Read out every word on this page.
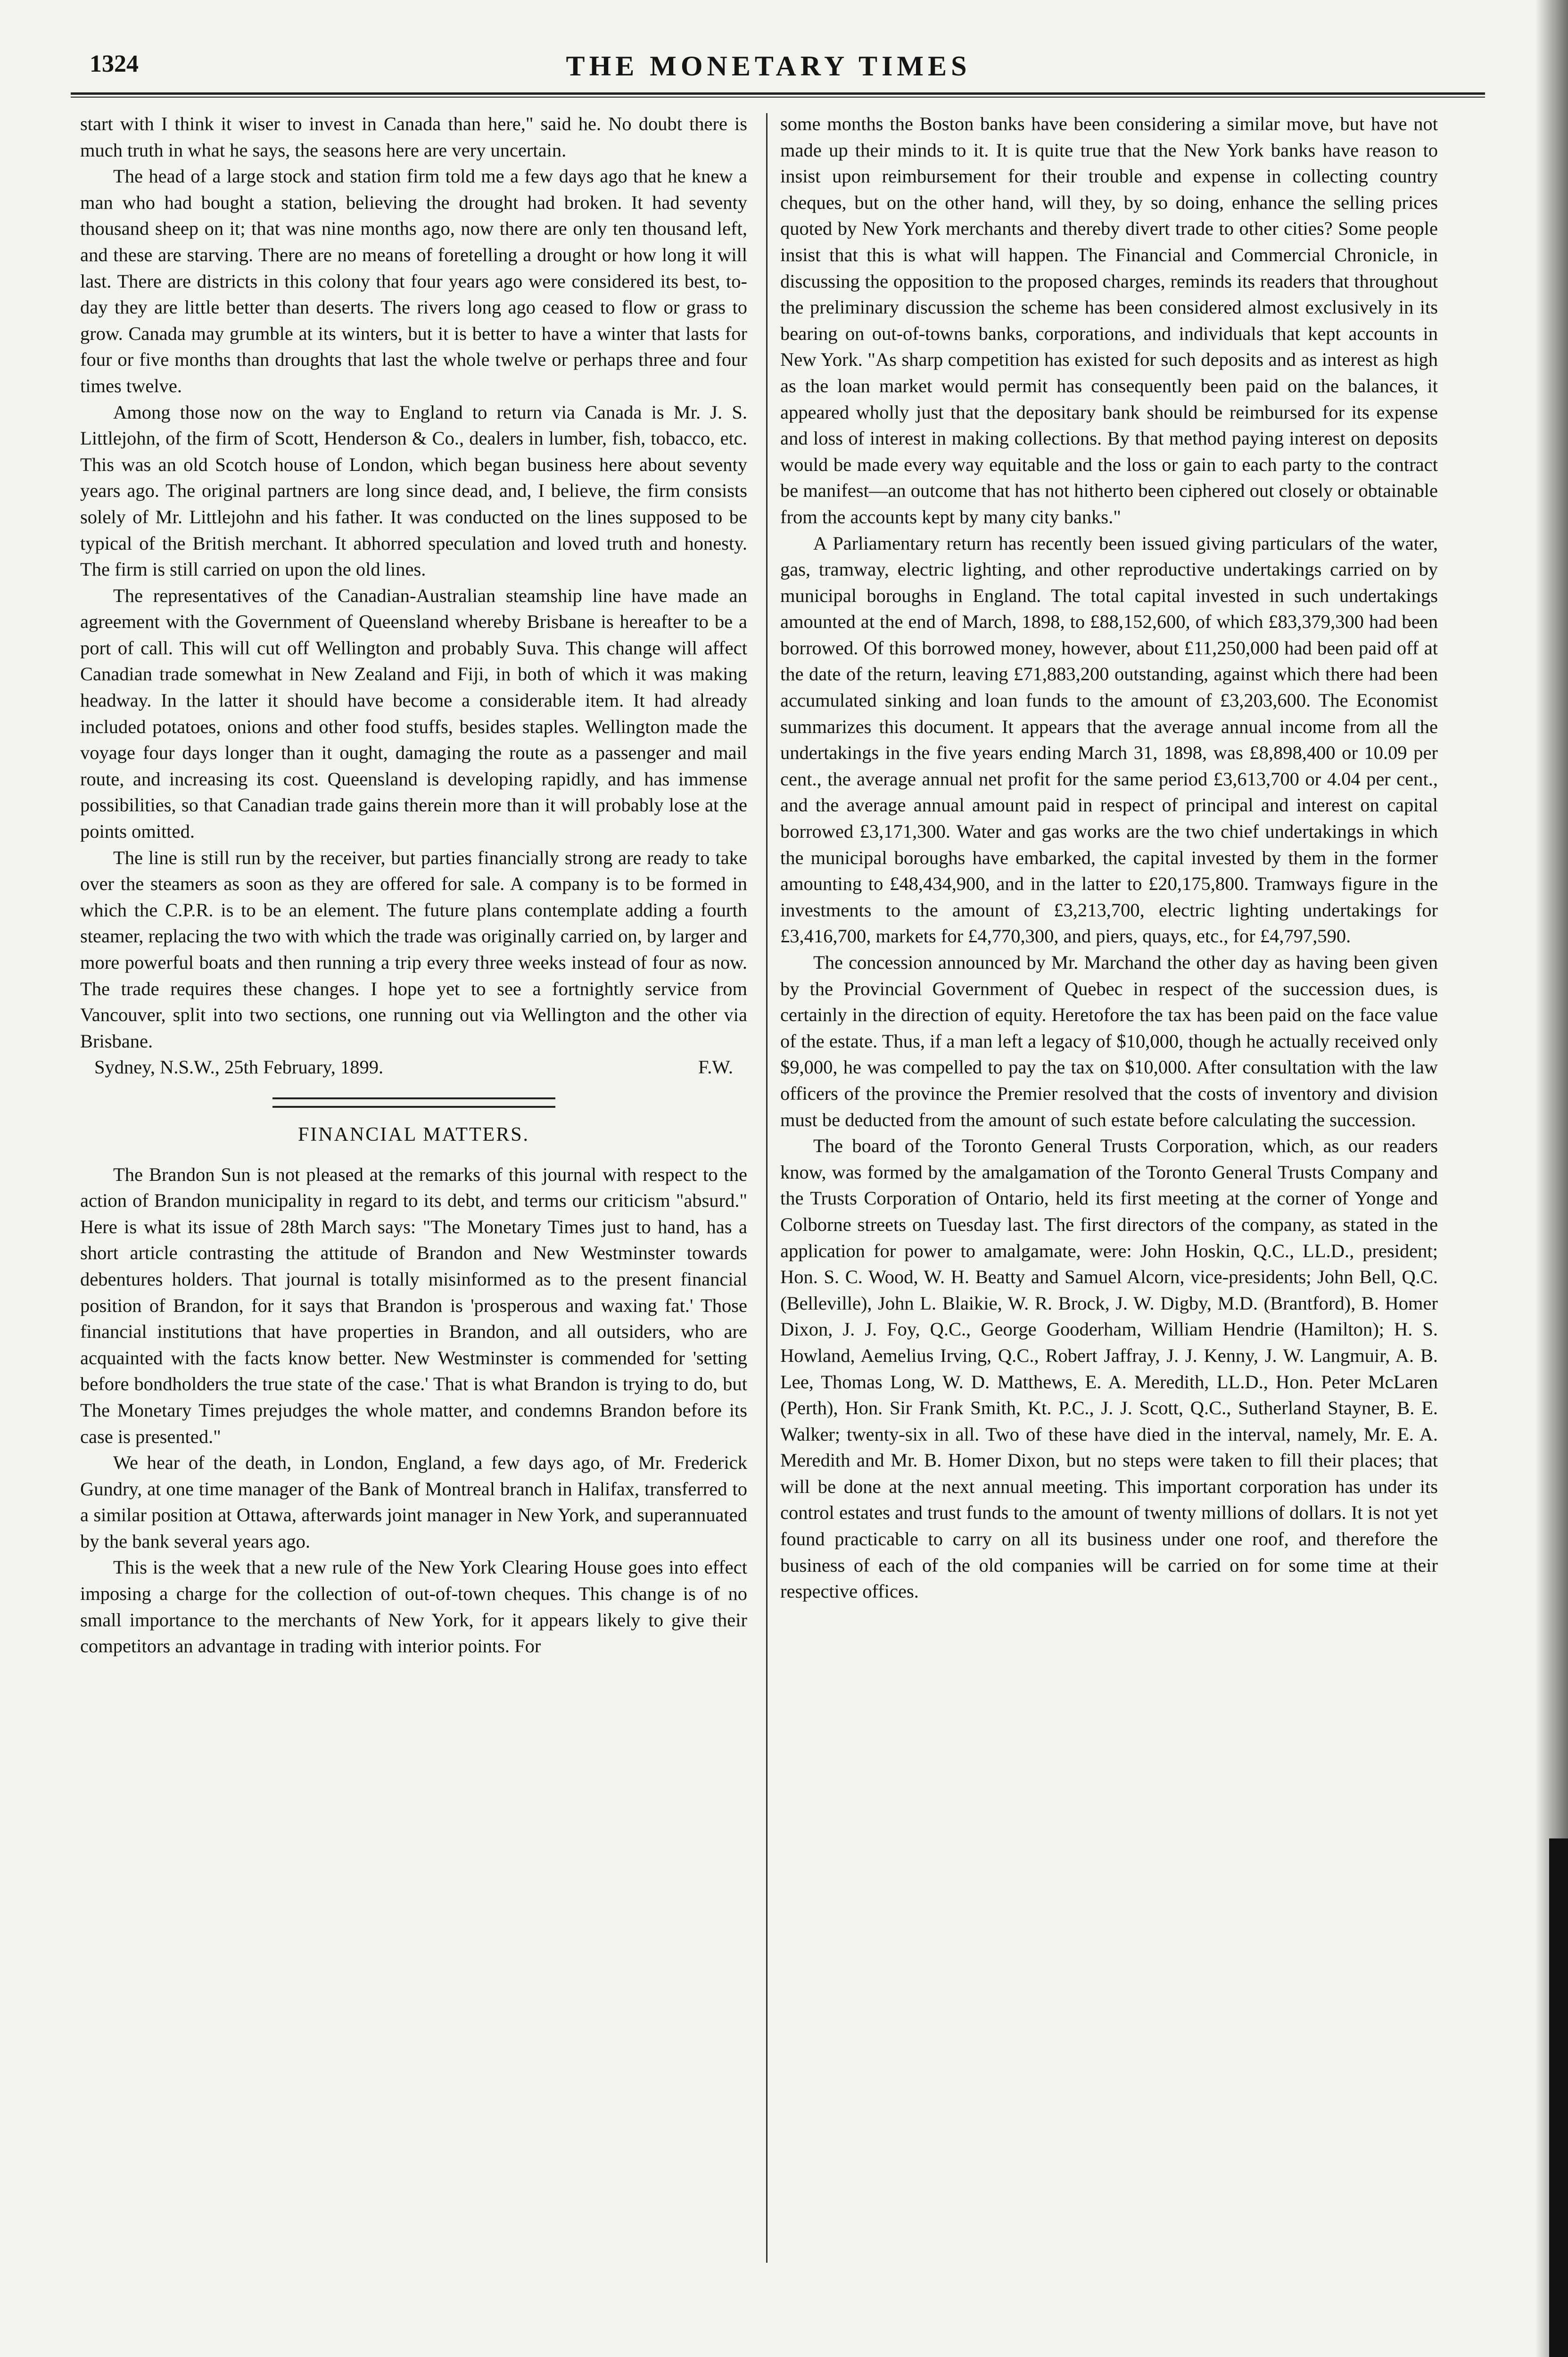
1324	THE MONETARY TIMES

start with I think it wiser to invest in Canada than here," said he. No doubt there is much truth in what he says, the seasons here are very uncertain.

The head of a large stock and station firm told me a few days ago that he knew a man who had bought a station, believing the drought had broken. It had seventy thousand sheep on it; that was nine months ago, now there are only ten thousand left, and these are starving. There are no means of foretelling a drought or how long it will last. There are districts in this colony that four years ago were considered its best, to-day they are little better than deserts. The rivers long ago ceased to flow or grass to grow. Canada may grumble at its winters, but it is better to have a winter that lasts for four or five months than droughts that last the whole twelve or perhaps three and four times twelve.

Among those now on the way to England to return via Canada is Mr. J. S. Littlejohn, of the firm of Scott, Henderson & Co., dealers in lumber, fish, tobacco, etc. This was an old Scotch house of London, which began business here about seventy years ago. The original partners are long since dead, and, I believe, the firm consists solely of Mr. Littlejohn and his father. It was conducted on the lines supposed to be typical of the British merchant. It abhorred speculation and loved truth and honesty. The firm is still carried on upon the old lines.

The representatives of the Canadian-Australian steamship line have made an agreement with the Government of Queensland whereby Brisbane is hereafter to be a port of call. This will cut off Wellington and probably Suva. This change will affect Canadian trade somewhat in New Zealand and Fiji, in both of which it was making headway. In the latter it should have become a considerable item. It had already included potatoes, onions and other food stuffs, besides staples. Wellington made the voyage four days longer than it ought, damaging the route as a passenger and mail route, and increasing its cost. Queensland is developing rapidly, and has immense possibilities, so that Canadian trade gains therein more than it will probably lose at the points omitted.

The line is still run by the receiver, but parties financially strong are ready to take over the steamers as soon as they are offered for sale. A company is to be formed in which the C.P.R. is to be an element. The future plans contemplate adding a fourth steamer, replacing the two with which the trade was originally carried on, by larger and more powerful boats and then running a trip every three weeks instead of four as now. The trade requires these changes. I hope yet to see a fortnightly service from Vancouver, split into two sections, one running out via Wellington and the other via Brisbane.

Sydney, N.S.W., 25th February, 1899.	F.W.

FINANCIAL MATTERS.

The Brandon Sun is not pleased at the remarks of this journal with respect to the action of Brandon municipality in regard to its debt, and terms our criticism "absurd." Here is what its issue of 28th March says: "The Monetary Times just to hand, has a short article contrasting the attitude of Brandon and New Westminster towards debentures holders. That journal is totally misinformed as to the present financial position of Brandon, for it says that Brandon is 'prosperous and waxing fat.' Those financial institutions that have properties in Brandon, and all outsiders, who are acquainted with the facts know better. New Westminster is commended for 'setting before bondholders the true state of the case.' That is what Brandon is trying to do, but The Monetary Times prejudges the whole matter, and condemns Brandon before its case is presented."

We hear of the death, in London, England, a few days ago, of Mr. Frederick Gundry, at one time manager of the Bank of Montreal branch in Halifax, transferred to a similar position at Ottawa, afterwards joint manager in New York, and superannuated by the bank several years ago.

This is the week that a new rule of the New York Clearing House goes into effect imposing a charge for the collection of out-of-town cheques. This change is of no small importance to the merchants of New York, for it appears likely to give their competitors an advantage in trading with interior points. For

some months the Boston banks have been considering a similar move, but have not made up their minds to it. It is quite true that the New York banks have reason to insist upon reimbursement for their trouble and expense in collecting country cheques, but on the other hand, will they, by so doing, enhance the selling prices quoted by New York merchants and thereby divert trade to other cities? Some people insist that this is what will happen. The Financial and Commercial Chronicle, in discussing the opposition to the proposed charges, reminds its readers that throughout the preliminary discussion the scheme has been considered almost exclusively in its bearing on out-of-towns banks, corporations, and individuals that kept accounts in New York. "As sharp competition has existed for such deposits and as interest as high as the loan market would permit has consequently been paid on the balances, it appeared wholly just that the depositary bank should be reimbursed for its expense and loss of interest in making collections. By that method paying interest on deposits would be made every way equitable and the loss or gain to each party to the contract be manifest—an outcome that has not hitherto been ciphered out closely or obtainable from the accounts kept by many city banks."

A Parliamentary return has recently been issued giving particulars of the water, gas, tramway, electric lighting, and other reproductive undertakings carried on by municipal boroughs in England. The total capital invested in such undertakings amounted at the end of March, 1898, to £88,152,600, of which £83,379,300 had been borrowed. Of this borrowed money, however, about £11,250,000 had been paid off at the date of the return, leaving £71,883,200 outstanding, against which there had been accumulated sinking and loan funds to the amount of £3,203,600. The Economist summarizes this document. It appears that the average annual income from all the undertakings in the five years ending March 31, 1898, was £8,898,400 or 10.09 per cent., the average annual net profit for the same period £3,613,700 or 4.04 per cent., and the average annual amount paid in respect of principal and interest on capital borrowed £3,171,300. Water and gas works are the two chief undertakings in which the municipal boroughs have embarked, the capital invested by them in the former amounting to £48,434,900, and in the latter to £20,175,800. Tramways figure in the investments to the amount of £3,213,700, electric lighting undertakings for £3,416,700, markets for £4,770,300, and piers, quays, etc., for £4,797,590.

The concession announced by Mr. Marchand the other day as having been given by the Provincial Government of Quebec in respect of the succession dues, is certainly in the direction of equity. Heretofore the tax has been paid on the face value of the estate. Thus, if a man left a legacy of $10,000, though he actually received only $9,000, he was compelled to pay the tax on $10,000. After consultation with the law officers of the province the Premier resolved that the costs of inventory and division must be deducted from the amount of such estate before calculating the succession.

The board of the Toronto General Trusts Corporation, which, as our readers know, was formed by the amalgamation of the Toronto General Trusts Company and the Trusts Corporation of Ontario, held its first meeting at the corner of Yonge and Colborne streets on Tuesday last. The first directors of the company, as stated in the application for power to amalgamate, were: John Hoskin, Q.C., LL.D., president; Hon. S. C. Wood, W. H. Beatty and Samuel Alcorn, vice-presidents; John Bell, Q.C. (Belleville), John L. Blaikie, W. R. Brock, J. W. Digby, M.D. (Brantford), B. Homer Dixon, J. J. Foy, Q.C., George Gooderham, William Hendrie (Hamilton); H. S. Howland, Aemelius Irving, Q.C., Robert Jaffray, J. J. Kenny, J. W. Langmuir, A. B. Lee, Thomas Long, W. D. Matthews, E. A. Meredith, LL.D., Hon. Peter McLaren (Perth), Hon. Sir Frank Smith, Kt. P.C., J. J. Scott, Q.C., Sutherland Stayner, B. E. Walker; twenty-six in all. Two of these have died in the interval, namely, Mr. E. A. Meredith and Mr. B. Homer Dixon, but no steps were taken to fill their places; that will be done at the next annual meeting. This important corporation has under its control estates and trust funds to the amount of twenty millions of dollars. It is not yet found practicable to carry on all its business under one roof, and therefore the business of each of the old companies will be carried on for some time at their respective offices.
